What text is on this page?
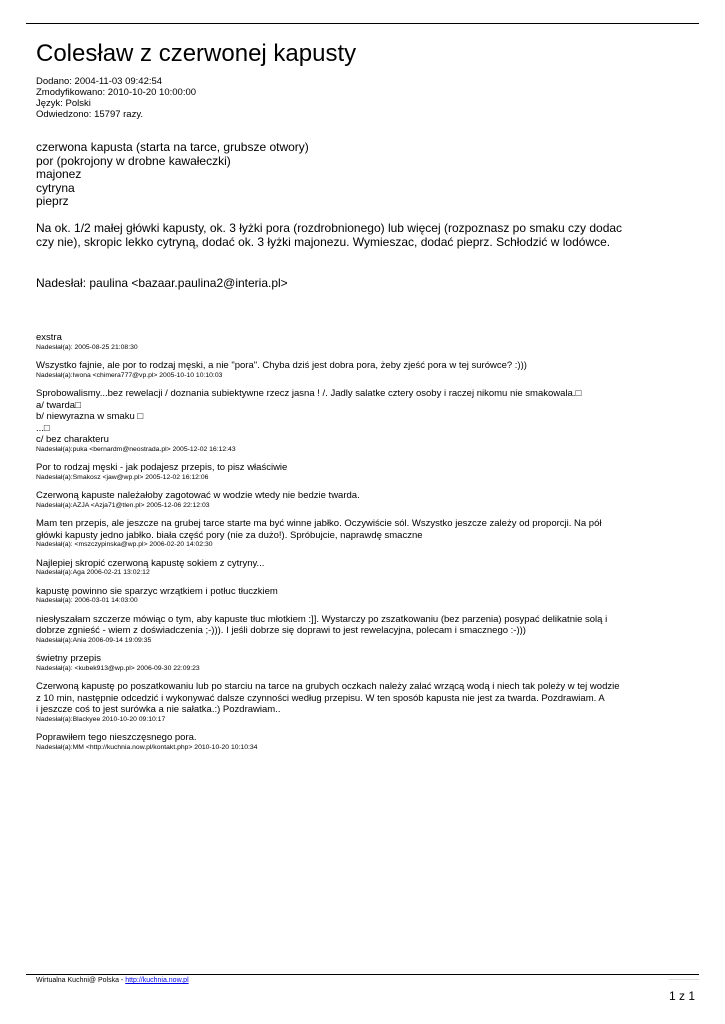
Colesław z czerwonej kapusty
Dodano: 2004-11-03 09:42:54
Zmodyfikowano: 2010-10-20 10:00:00
Język: Polski
Odwiedzono: 15797 razy.
czerwona kapusta (starta na tarce, grubsze otwory)
por (pokrojony w drobne kawałeczki)
majonez
cytryna
pieprz
Na ok. 1/2 małej główki kapusty, ok. 3 łyżki pora (rozdrobnionego) lub więcej (rozpoznasz po smaku czy dodac czy nie), skropic lekko cytryną, dodać ok. 3 łyżki majonezu. Wymieszac, dodać pieprz. Schłodzić w lodówce.
Nadesłał: paulina <bazaar.paulina2@interia.pl>
exstra
Nadesłał(a): 2005-08-25 21:08:30
Wszystko fajnie, ale por to rodzaj męski, a nie "pora". Chyba dziś jest dobra pora, żeby zjeść pora w tej surówce? :)))
Nadesłał(a):Iwona <chimera777@vp.pl> 2005-10-10 10:10:03
Sprobowalismy...bez rewelacji / doznania subiektywne rzecz jasna ! /. Jadly salatke cztery osoby i raczej nikomu nie smakowala.□
a/ twarda□
b/ niewyrazna w smaku □
...□
c/ bez charakteru
Nadesłał(a):puka <bernardm@neostrada.pl> 2005-12-02 16:12:43
Por to rodzaj męski - jak podajesz przepis, to pisz właściwie
Nadesłał(a):Smakosz <jaw@wp.pl> 2005-12-02 16:12:06
Czerwoną kapuste należałoby zagotować w wodzie wtedy nie bedzie twarda.
Nadesłał(a):AZJA <Azja71@tlen.pl> 2005-12-06 22:12:03
Mam ten przepis, ale jeszcze na grubej tarce starte ma być winne jabłko. Oczywiście sól. Wszystko jeszcze zależy od proporcji. Na pół
główki kapusty jedno jabłko. biała część pory (nie za dużo!). Spróbujcie, naprawdę smaczne
Nadesłał(a): <mszczypinska@wp.pl> 2006-02-20 14:02:30
Najlepiej skropić czerwoną kapustę sokiem z cytryny...
Nadesłał(a):Aga 2006-02-21 13:02:12
kapustę powinno sie sparzyc wrzątkiem i potłuc tłuczkiem
Nadesłał(a): 2006-03-01 14:03:00
niesłyszałam szczerze mówiąc o tym, aby kapuste tłuc młotkiem :]]. Wystarczy po zszatkowaniu (bez parzenia) posypać delikatnie solą i
dobrze zgnieść - wiem z doświadczenia ;-))). I jeśli dobrze się doprawi to jest rewelacyjna, polecam i smacznego :-)))
Nadesłał(a):Ania 2006-09-14 19:09:35
świetny przepis
Nadesłał(a): <kubek913@wp.pl> 2006-09-30 22:09:23
Czerwoną kapustę po poszatkowaniu lub po starciu na tarce na grubych oczkach należy zalać wrzącą wodą i niech tak poleży w tej wodzie
z 10 min, następnie odcedzić i wykonywać dalsze czynności według przepisu. W ten sposób kapusta nie jest za twarda. Pozdrawiam. A
i jeszcze coś to jest surówka a nie sałatka.:) Pozdrawiam..
Nadesłał(a):Blackyee 2010-10-20 09:10:17
Poprawiłem tego nieszczęsnego pora.
Nadesłał(a):MM <http://kuchnia.now.pl/kontakt.php> 2010-10-20 10:10:34
Wirtualna Kuchni@ Polska - http://kuchnia.now.pl
1 z 1
